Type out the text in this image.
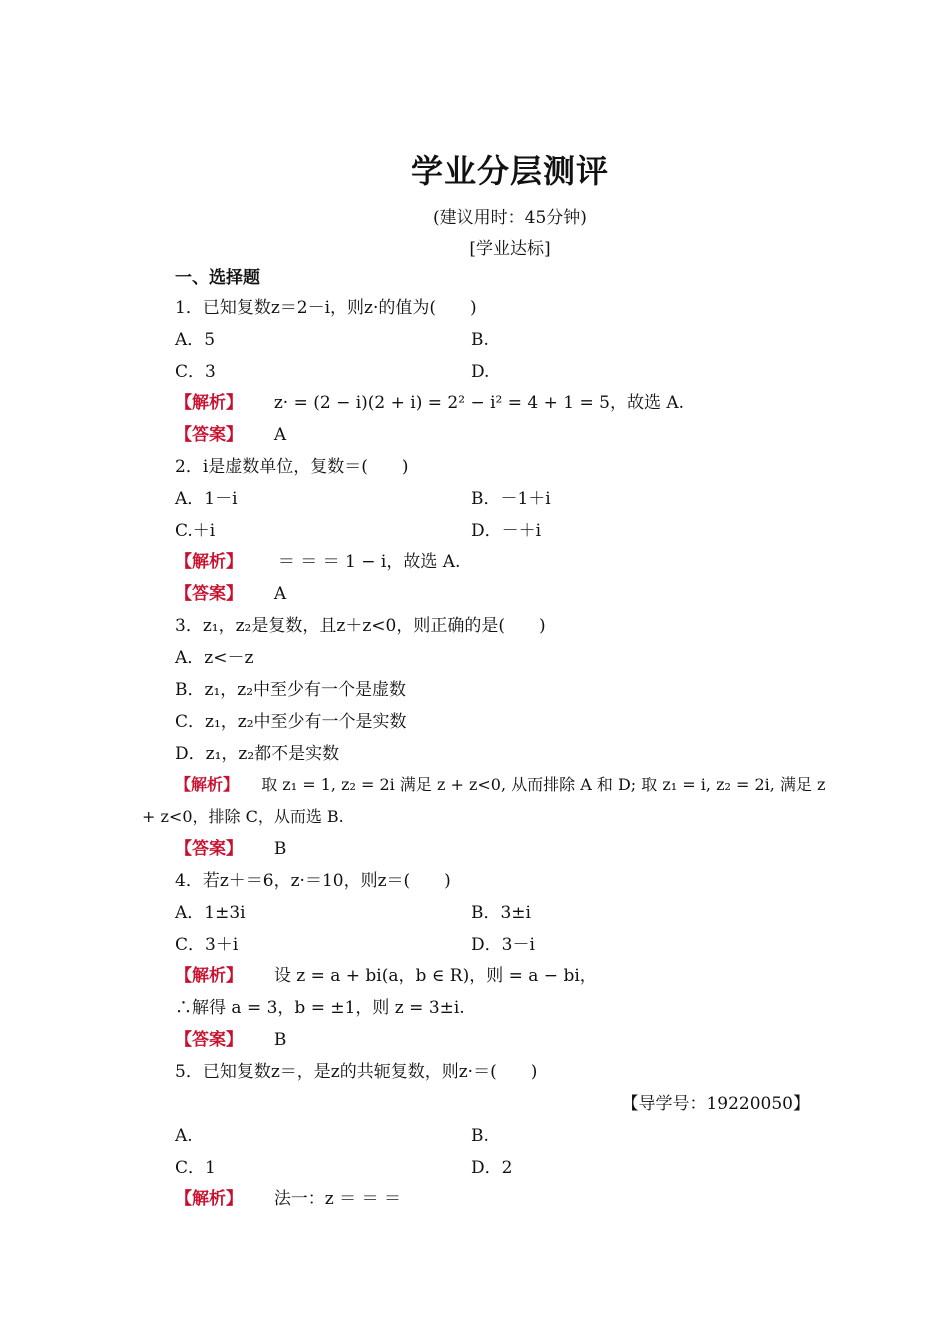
学业分层测评
(建议用时：45分钟)
[学业达标]
一、选择题
1．已知复数z＝2－i，则z·的值为(　　)
A．5	B.
C．3	D.
【解析】 z· = (2 − i)(2 + i) = 2² − i² = 4 + 1 = 5，故选 A.
【答案】 A
2．i是虚数单位，复数＝(　　)
A．1－i	B．－1＋i
C.＋i	D．－＋i
【解析】 ＝ ＝ ＝ 1 − i，故选 A.
【答案】 A
3．z₁，z₂是复数，且z＋z<0，则正确的是(　　)
A．z<－z
B．z₁，z₂中至少有一个是虚数
C．z₁，z₂中至少有一个是实数
D．z₁，z₂都不是实数
【解析】 取 z₁ = 1, z₂ = 2i 满足 z + z<0, 从而排除 A 和 D; 取 z₁ = i, z₂ = 2i, 满足 z
+ z<0，排除 C，从而选 B.
【答案】 B
4．若z＋＝6，z·＝10，则z＝(　　)
A．1±3i	B．3±i
C．3＋i	D．3－i
【解析】 设 z = a + bi(a，b ∈ R)，则 = a − bi，
∴解得 a = 3，b = ±1，则 z = 3±i.
【答案】 B
5．已知复数z＝，是z的共轭复数，则z·＝(　　)
【导学号：19220050】
A.	B.
C．1	D．2
【解析】 法一：z ＝ ＝ ＝
